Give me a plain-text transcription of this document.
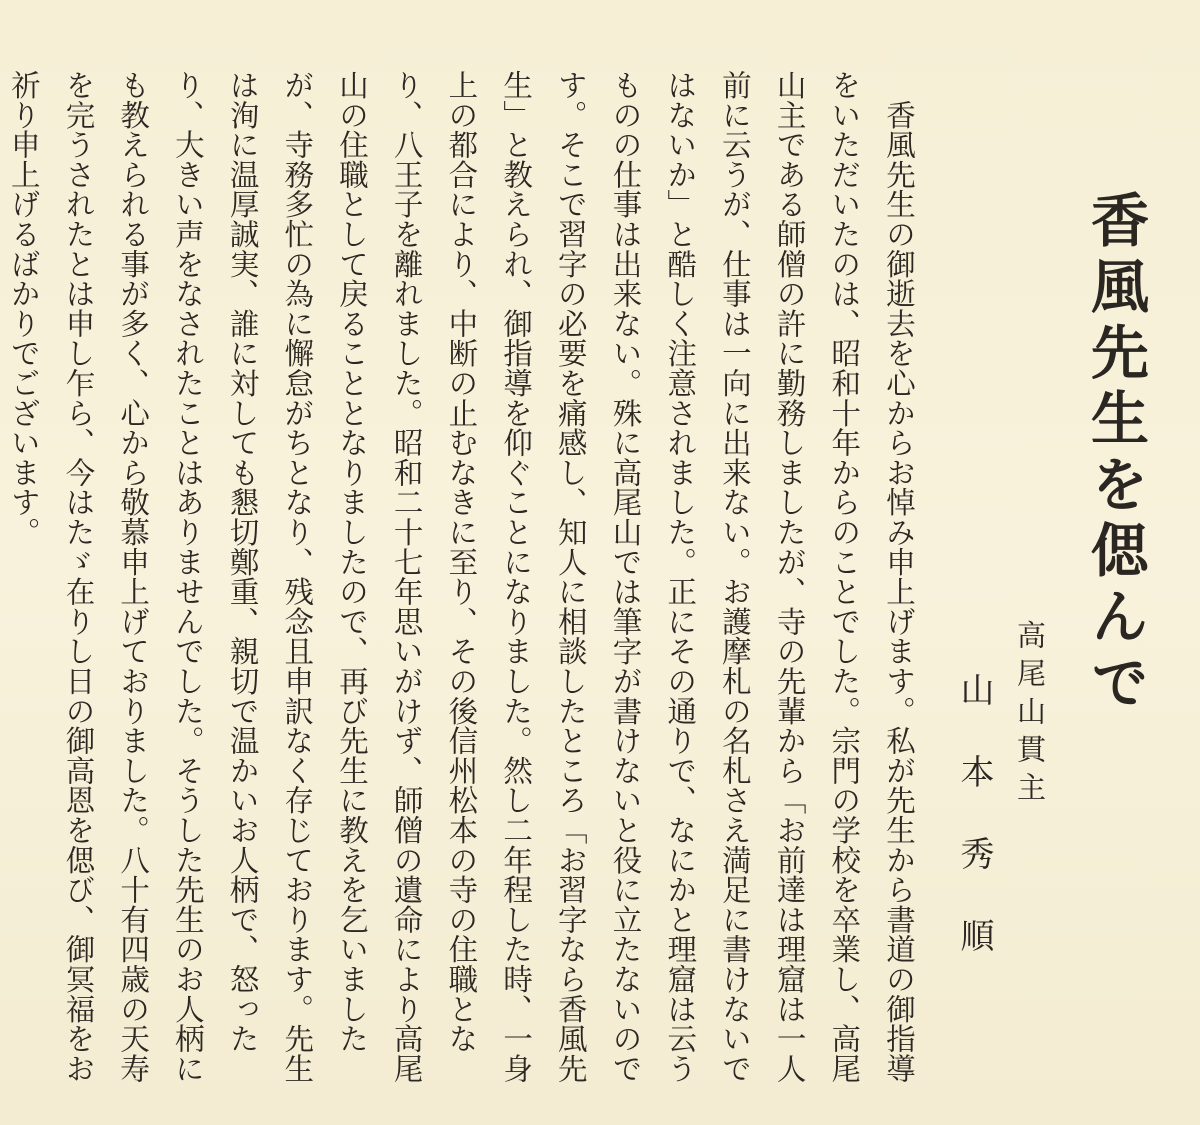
香風先生を偲んで
高尾山貫主
山本秀順

　香風先生の御逝去を心からお悼み申上げます。私が先生から書道の御指導をいただいたのは、昭和十年からのことでした。宗門の学校を卒業し、高尾山主である師僧の許に勤務しましたが、寺の先輩から「お前達は理窟は一人前に云うが、仕事は一向に出来ない。お護摩札の名札さえ満足に書けないではないか」と酷しく注意されました。正にその通りで、なにかと理窟は云うものの仕事は出来ない。殊に高尾山では筆字が書けないと役に立たないのです。そこで習字の必要を痛感し、知人に相談したところ「お習字なら香風先生」と教えられ、御指導を仰ぐことになりました。然し二年程した時、一身上の都合により、中断の止むなきに至り、その後信州松本の寺の住職となり、八王子を離れました。昭和二十七年思いがけず、師僧の遺命により高尾山の住職として戻ることとなりましたので、再び先生に教えを乞いましたが、寺務多忙の為に懈怠がちとなり、残念且申訳なく存じております。先生は洵に温厚誠実、誰に対しても懇切鄭重、親切で温かいお人柄で、怒ったり、大きい声をなされたことはありませんでした。そうした先生のお人柄にも教えられる事が多く、心から敬慕申上げておりました。八十有四歳の天寿を完うされたとは申し乍ら、今はたゞ在りし日の御高恩を偲び、御冥福をお祈り申上げるばかりでございます。
